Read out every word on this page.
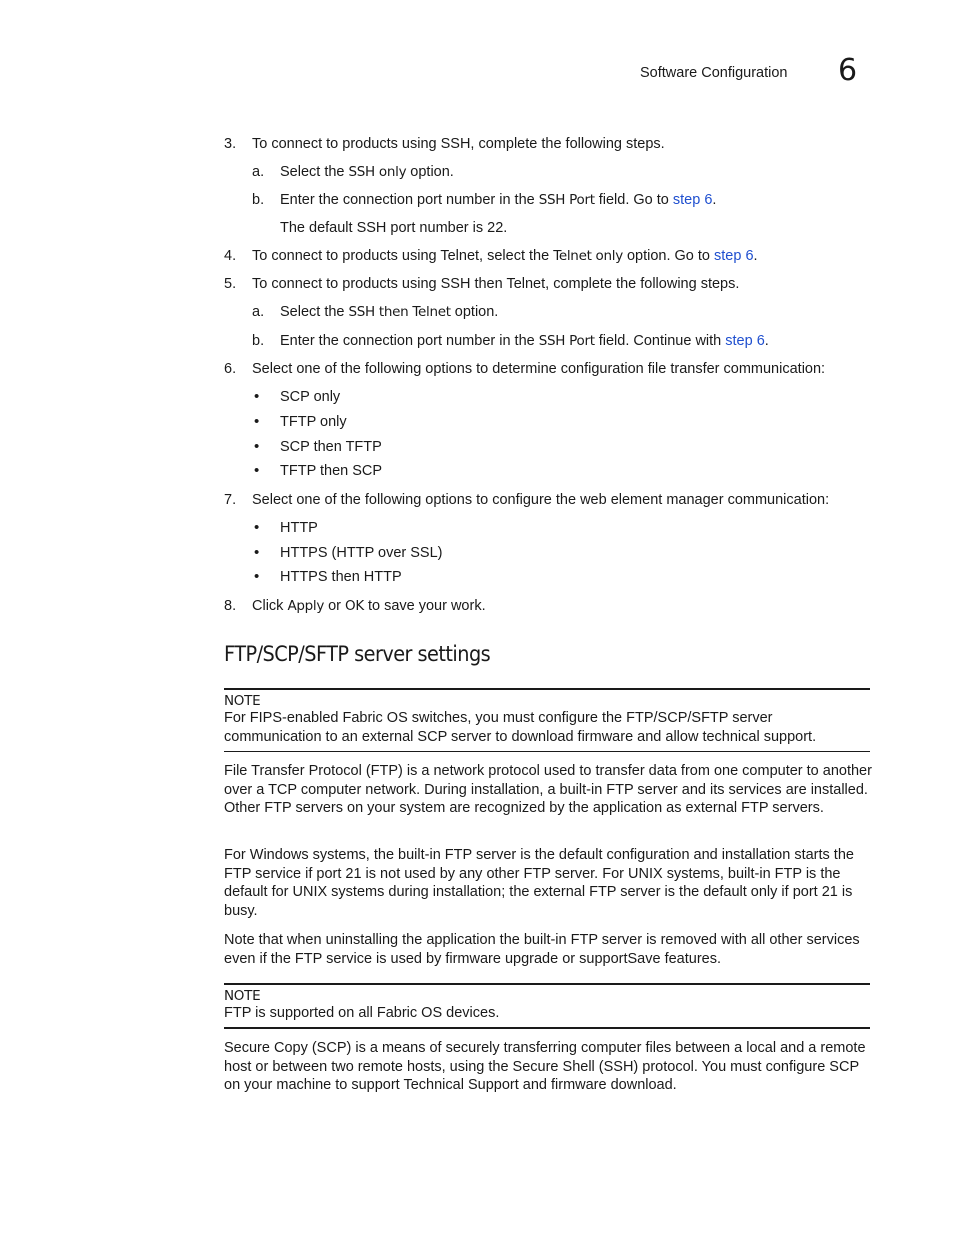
Software Configuration 6
3. To connect to products using SSH, complete the following steps.
a. Select the SSH only option.
b. Enter the connection port number in the SSH Port field. Go to step 6.
The default SSH port number is 22.
4. To connect to products using Telnet, select the Telnet only option. Go to step 6.
5. To connect to products using SSH then Telnet, complete the following steps.
a. Select the SSH then Telnet option.
b. Enter the connection port number in the SSH Port field. Continue with step 6.
6. Select one of the following options to determine configuration file transfer communication:
• SCP only
• TFTP only
• SCP then TFTP
• TFTP then SCP
7. Select one of the following options to configure the web element manager communication:
• HTTP
• HTTPS (HTTP over SSL)
• HTTPS then HTTP
8. Click Apply or OK to save your work.
FTP/SCP/SFTP server settings
NOTE
For FIPS-enabled Fabric OS switches, you must configure the FTP/SCP/SFTP server communication to an external SCP server to download firmware and allow technical support.
File Transfer Protocol (FTP) is a network protocol used to transfer data from one computer to another over a TCP computer network. During installation, a built-in FTP server and its services are installed. Other FTP servers on your system are recognized by the application as external FTP servers.
For Windows systems, the built-in FTP server is the default configuration and installation starts the FTP service if port 21 is not used by any other FTP server. For UNIX systems, built-in FTP is the default for UNIX systems during installation; the external FTP server is the default only if port 21 is busy.
Note that when uninstalling the application the built-in FTP server is removed with all other services even if the FTP service is used by firmware upgrade or supportSave features.
NOTE
FTP is supported on all Fabric OS devices.
Secure Copy (SCP) is a means of securely transferring computer files between a local and a remote host or between two remote hosts, using the Secure Shell (SSH) protocol. You must configure SCP on your machine to support Technical Support and firmware download.
